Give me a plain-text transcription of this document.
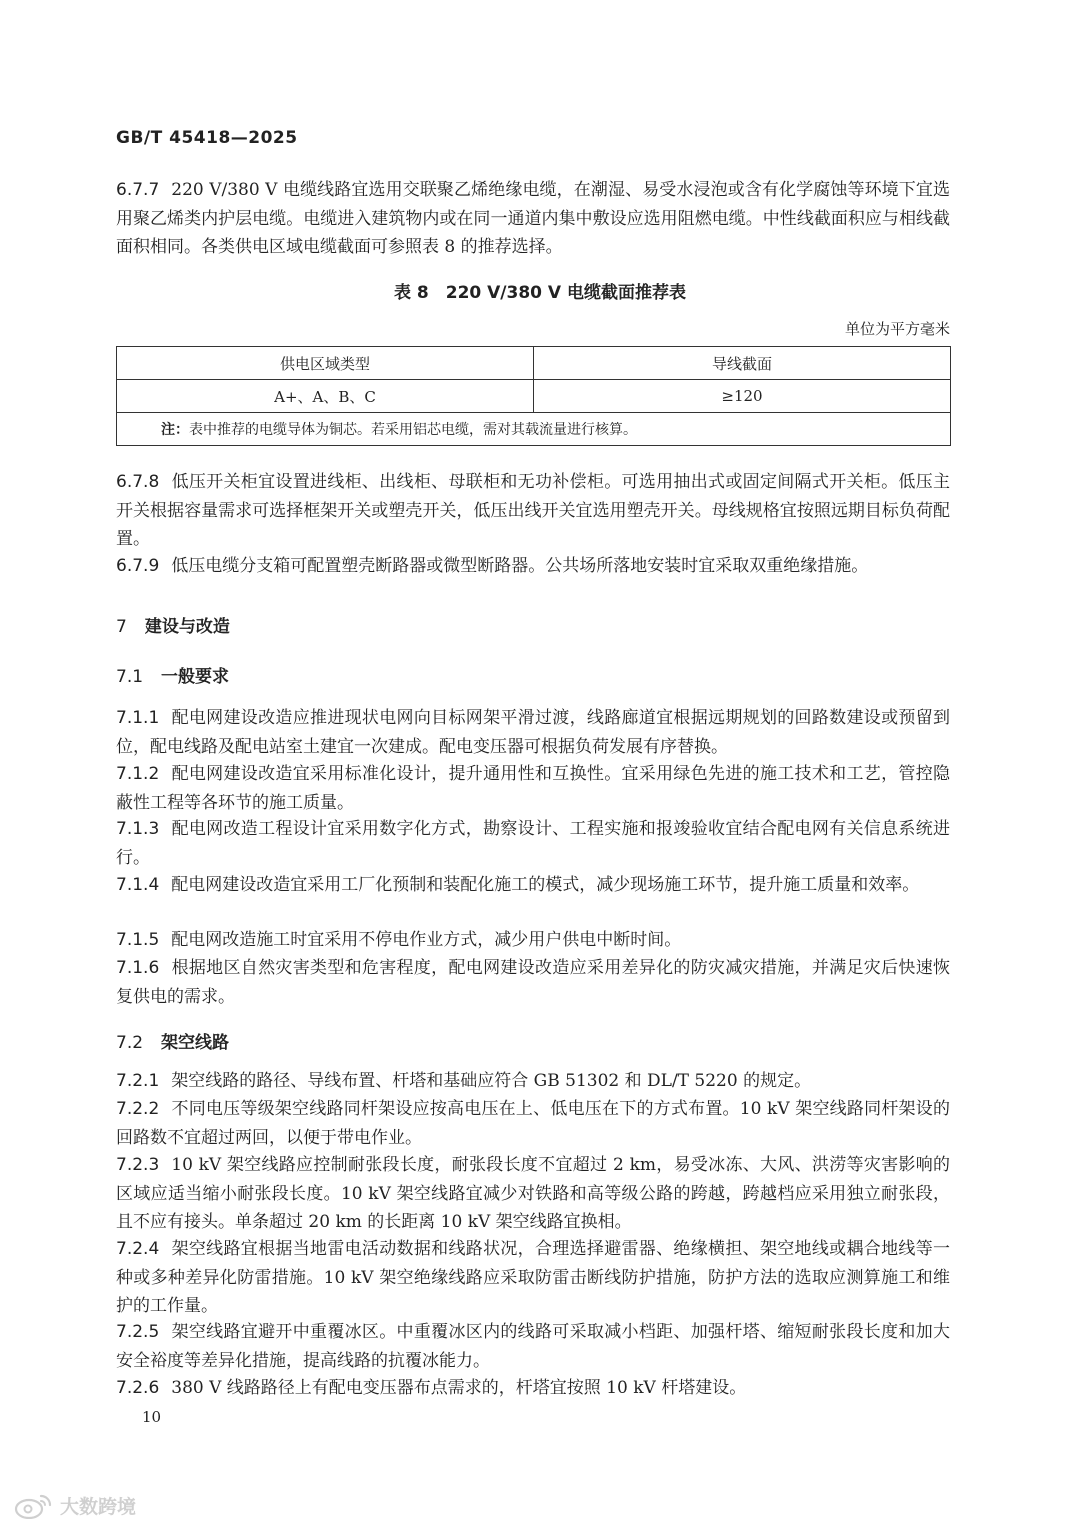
GB/T 45418—2025

6.7.7 220 V/380 V 电缆线路宜选用交联聚乙烯绝缘电缆，在潮湿、易受水浸泡或含有化学腐蚀等环境下宜选用聚乙烯类内护层电缆。电缆进入建筑物内或在同一通道内集中敷设应选用阻燃电缆。中性线截面积应与相线截面积相同。各类供电区域电缆截面可参照表 8 的推荐选择。

表 8　220 V/380 V 电缆截面推荐表
单位为平方毫米
供电区域类型	导线截面
A+、A、B、C	≥120
注：表中推荐的电缆导体为铜芯。若采用铝芯电缆，需对其载流量进行核算。	

6.7.8 低压开关柜宜设置进线柜、出线柜、母联柜和无功补偿柜。可选用抽出式或固定间隔式开关柜。低压主开关根据容量需求可选择框架开关或塑壳开关，低压出线开关宜选用塑壳开关。母线规格宜按照远期目标负荷配置。

6.7.9 低压电缆分支箱可配置塑壳断路器或微型断路器。公共场所落地安装时宜采取双重绝缘措施。

7 建设与改造
7.1 一般要求

7.1.1 配电网建设改造应推进现状电网向目标网架平滑过渡，线路廊道宜根据远期规划的回路数建设或预留到位，配电线路及配电站室土建宜一次建成。配电变压器可根据负荷发展有序替换。

7.1.2 配电网建设改造宜采用标准化设计，提升通用性和互换性。宜采用绿色先进的施工技术和工艺，管控隐蔽性工程等各环节的施工质量。

7.1.3 配电网改造工程设计宜采用数字化方式，勘察设计、工程实施和报竣验收宜结合配电网有关信息系统进行。

7.1.4 配电网建设改造宜采用工厂化预制和装配化施工的模式，减少现场施工环节，提升施工质量和效率。

7.1.5 配电网改造施工时宜采用不停电作业方式，减少用户供电中断时间。

7.1.6 根据地区自然灾害类型和危害程度，配电网建设改造应采用差异化的防灾减灾措施，并满足灾后快速恢复供电的需求。

7.2 架空线路

7.2.1 架空线路的路径、导线布置、杆塔和基础应符合 GB 51302 和 DL/T 5220 的规定。

7.2.2 不同电压等级架空线路同杆架设应按高电压在上、低电压在下的方式布置。10 kV 架空线路同杆架设的回路数不宜超过两回，以便于带电作业。

7.2.3 10 kV 架空线路应控制耐张段长度，耐张段长度不宜超过 2 km，易受冰冻、大风、洪涝等灾害影响的区域应适当缩小耐张段长度。10 kV 架空线路宜减少对铁路和高等级公路的跨越，跨越档应采用独立耐张段，且不应有接头。单条超过 20 km 的长距离 10 kV 架空线路宜换相。

7.2.4 架空线路宜根据当地雷电活动数据和线路状况，合理选择避雷器、绝缘横担、架空地线或耦合地线等一种或多种差异化防雷措施。10 kV 架空绝缘线路应采取防雷击断线防护措施，防护方法的选取应测算施工和维护的工作量。

7.2.5 架空线路宜避开中重覆冰区。中重覆冰区内的线路可采取减小档距、加强杆塔、缩短耐张段长度和加大安全裕度等差异化措施，提高线路的抗覆冰能力。

7.2.6 380 V 线路路径上有配电变压器布点需求的，杆塔宜按照 10 kV 杆塔建设。

10
大数跨境
